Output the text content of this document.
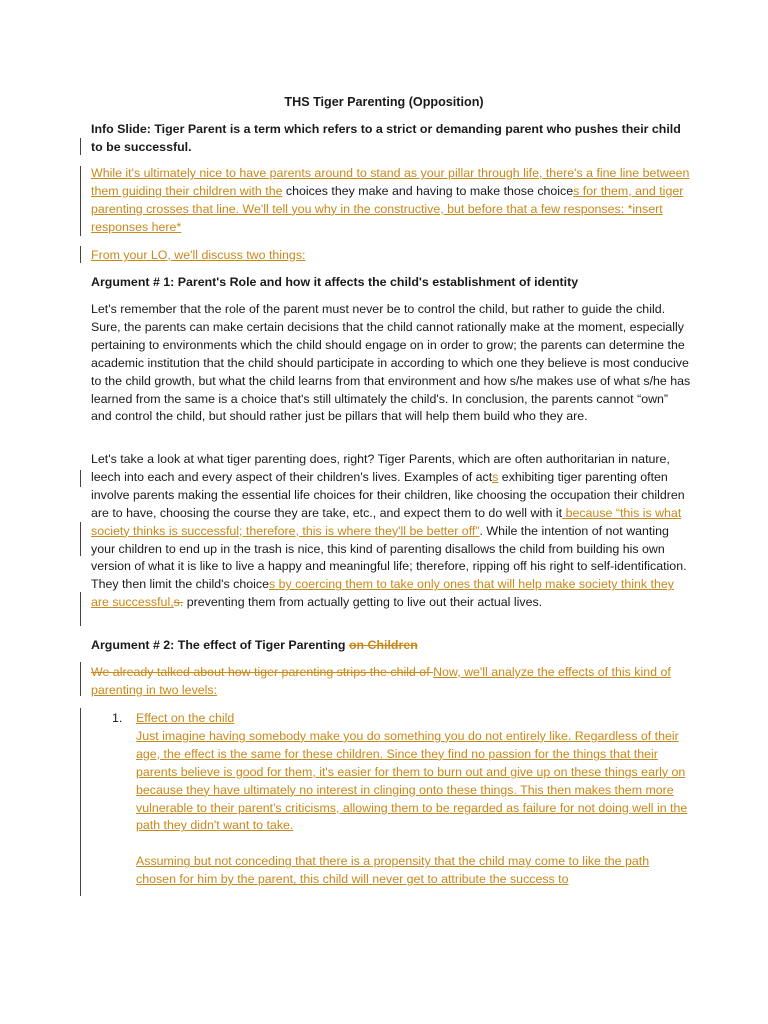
THS Tiger Parenting (Opposition)
Info Slide: Tiger Parent is a term which refers to a strict or demanding parent who pushes their child to be successful.
While it's ultimately nice to have parents around to stand as your pillar through life, there's a fine line between them guiding their children with the choices they make and having to make those choices for them, and tiger parenting crosses that line. We'll tell you why in the constructive, but before that a few responses: *insert responses here*
From your LO, we'll discuss two things:
Argument # 1: Parent's Role and how it affects the child's establishment of identity
Let's remember that the role of the parent must never be to control the child, but rather to guide the child. Sure, the parents can make certain decisions that the child cannot rationally make at the moment, especially pertaining to environments which the child should engage on in order to grow; the parents can determine the academic institution that the child should participate in according to which one they believe is most conducive to the child growth, but what the child learns from that environment and how s/he makes use of what s/he has learned from the same is a choice that's still ultimately the child's. In conclusion, the parents cannot “own” and control the child, but should rather just be pillars that will help them build who they are.
Let's take a look at what tiger parenting does, right? Tiger Parents, which are often authoritarian in nature, leech into each and every aspect of their children's lives. Examples of acts exhibiting tiger parenting often involve parents making the essential life choices for their children, like choosing the occupation their children are to have, choosing the course they are take, etc., and expect them to do well with it because “this is what society thinks is successful; therefore, this is where they'll be better off”. While the intention of not wanting your children to end up in the trash is nice, this kind of parenting disallows the child from building his own version of what it is like to live a happy and meaningful life; therefore, ripping off his right to self-identification. They then limit the child's choices by coercing them to take only ones that will help make society think they are successful,s. preventing them from actually getting to live out their actual lives.
Argument # 2: The effect of Tiger Parenting on Children
We already talked about how tiger parenting strips the child of Now, we'll analyze the effects of this kind of parenting in two levels:
1. Effect on the child
Just imagine having somebody make you do something you do not entirely like. Regardless of their age, the effect is the same for these children. Since they find no passion for the things that their parents believe is good for them, it's easier for them to burn out and give up on these things early on because they have ultimately no interest in clinging onto these things. This then makes them more vulnerable to their parent's criticisms, allowing them to be regarded as failure for not doing well in the path they didn't want to take.
Assuming but not conceding that there is a propensity that the child may come to like the path chosen for him by the parent, this child will never get to attribute the success to
